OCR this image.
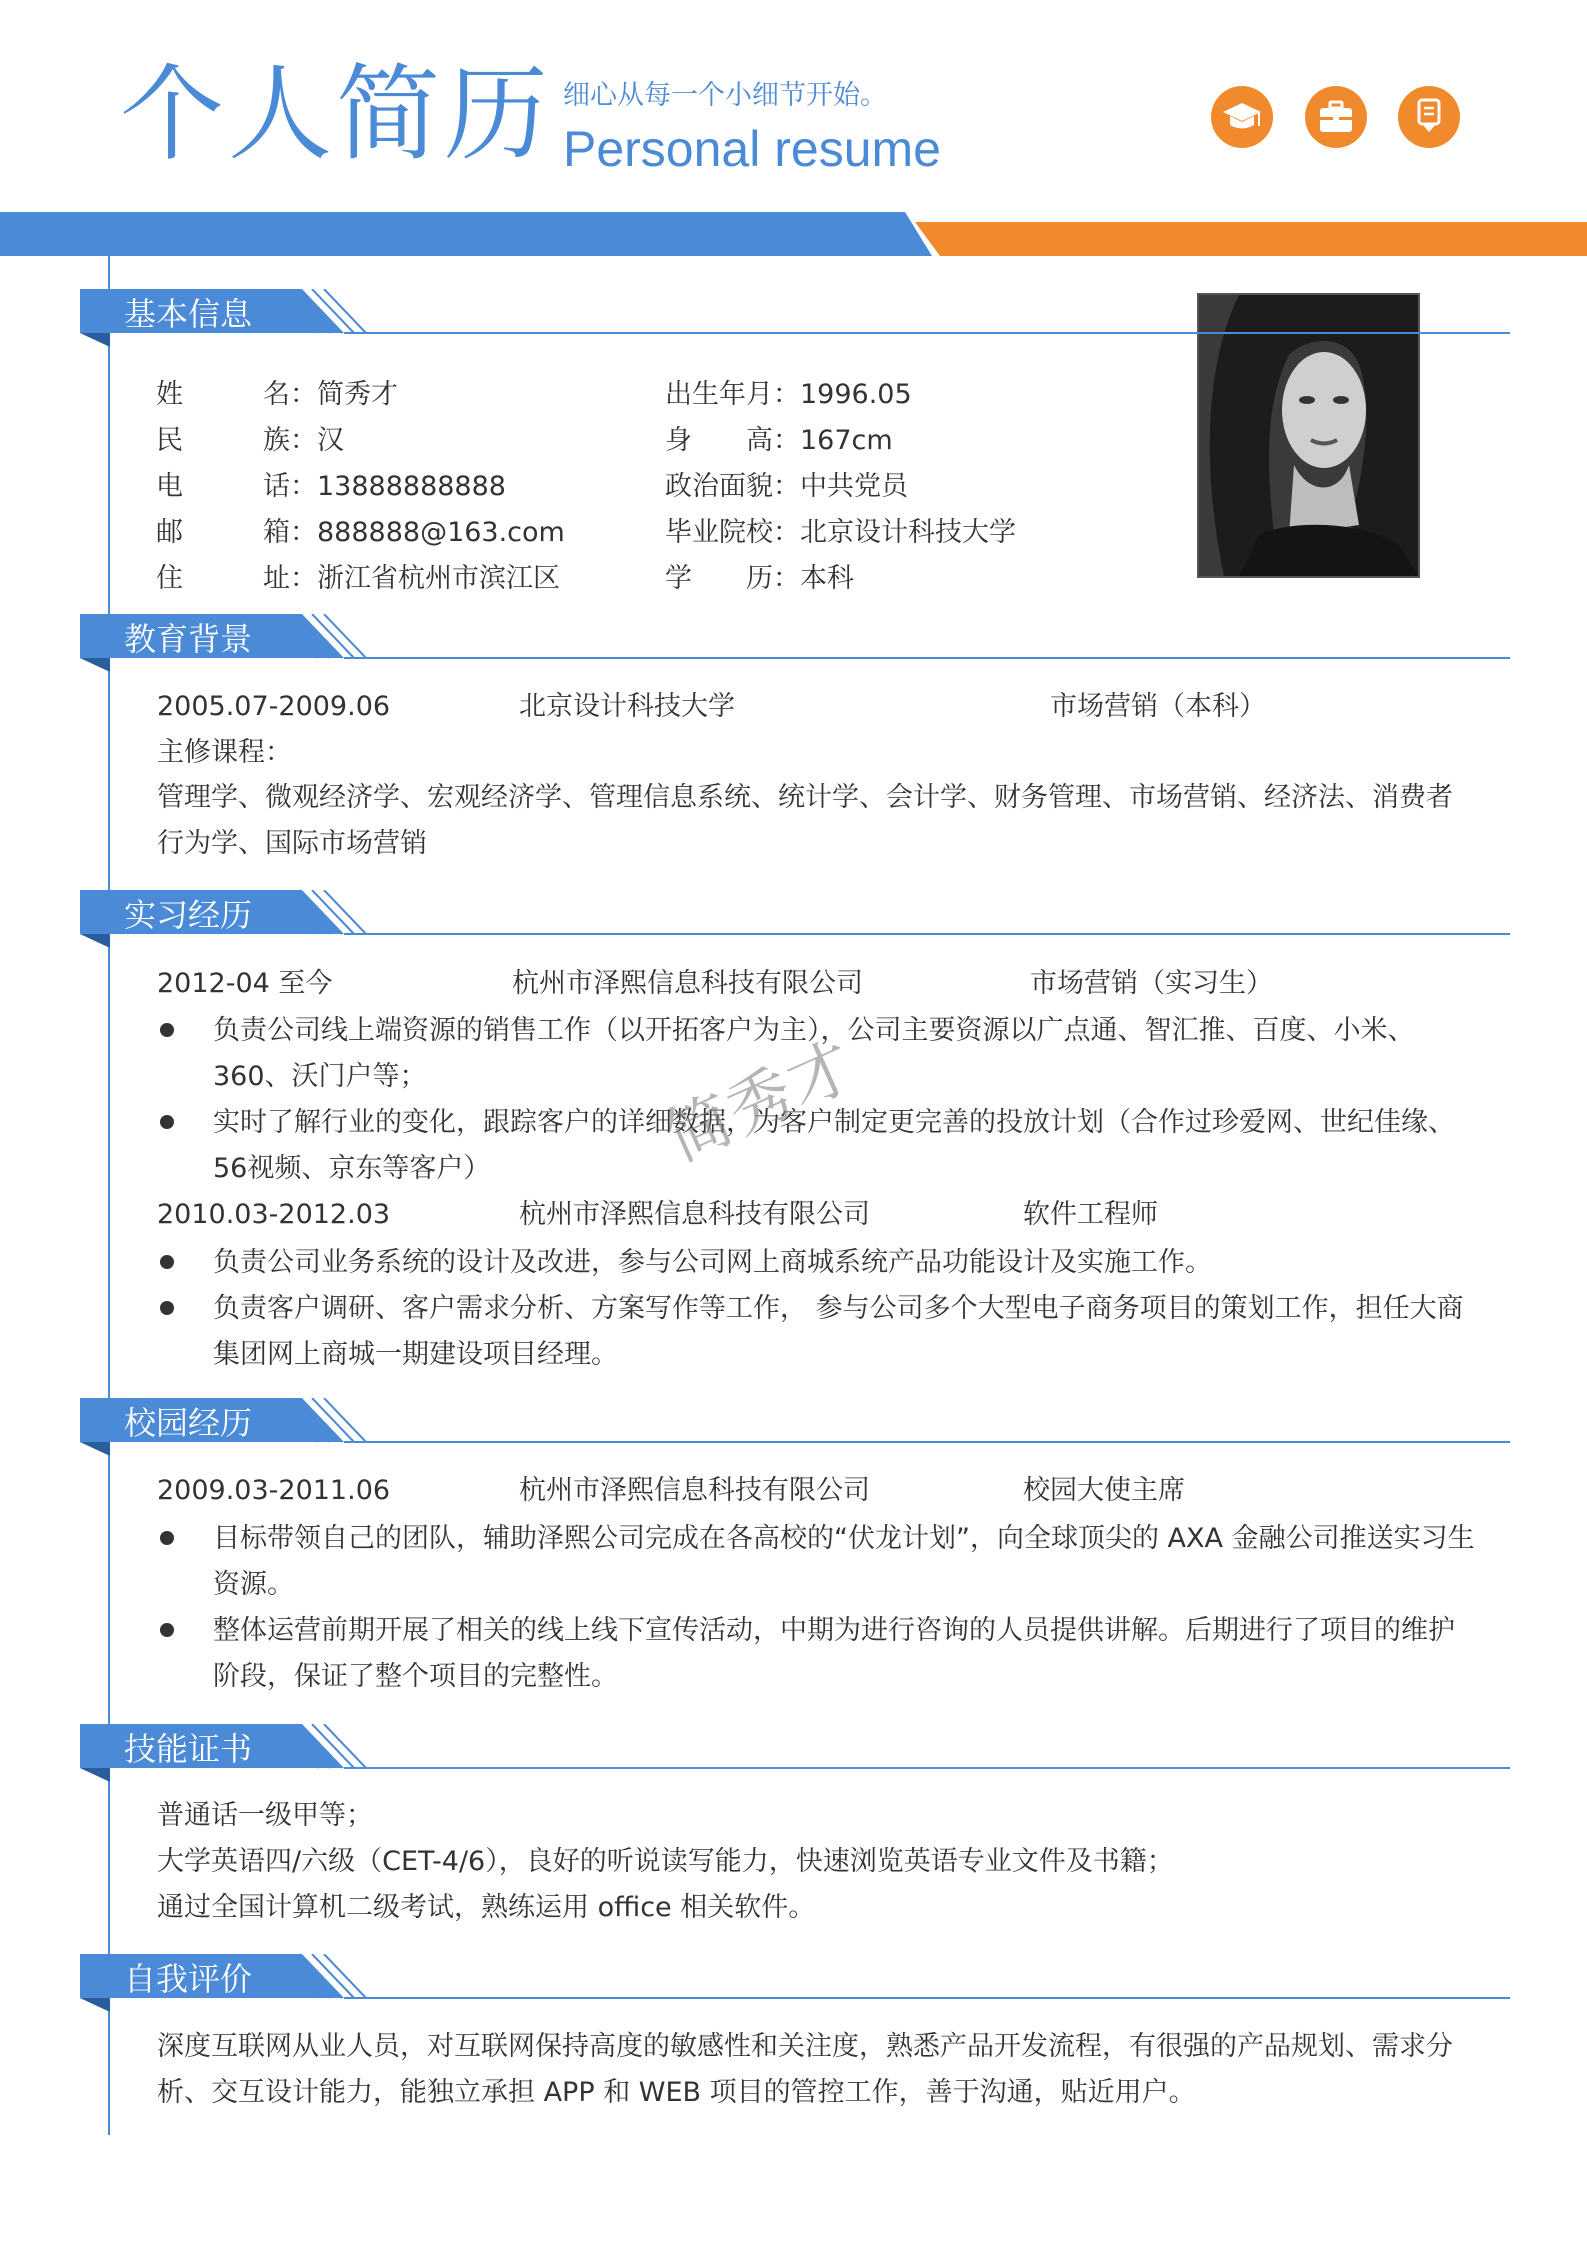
个人简历 细心从每一个小细节开始。
Personal resume
基本信息
姓名：简秀才	出生年月：1996.05
民族：汉	身高：167cm
电话：13888888888	政治面貌：中共党员
邮箱：888888@163.com	毕业院校：北京设计科技大学
住址：浙江省杭州市滨江区	学历：本科
教育背景
2005.07-2009.06	北京设计科技大学	市场营销（本科）
主修课程：
管理学、微观经济学、宏观经济学、管理信息系统、统计学、会计学、财务管理、市场营销、经济法、消费者行为学、国际市场营销
实习经历
2012-04 至今	杭州市泽熙信息科技有限公司	市场营销（实习生）
负责公司线上端资源的销售工作（以开拓客户为主），公司主要资源以广点通、智汇推、百度、小米、360、沃门户等；
实时了解行业的变化，跟踪客户的详细数据，为客户制定更完善的投放计划（合作过珍爱网、世纪佳缘、56视频、京东等客户）
2010.03-2012.03	杭州市泽熙信息科技有限公司	软件工程师
负责公司业务系统的设计及改进，参与公司网上商城系统产品功能设计及实施工作。
负责客户调研、客户需求分析、方案写作等工作， 参与公司多个大型电子商务项目的策划工作，担任大商集团网上商城一期建设项目经理。
校园经历
2009.03-2011.06	杭州市泽熙信息科技有限公司	校园大使主席
目标带领自己的团队，辅助泽熙公司完成在各高校的“伏龙计划”，向全球顶尖的 AXA 金融公司推送实习生资源。
整体运营前期开展了相关的线上线下宣传活动，中期为进行咨询的人员提供讲解。后期进行了项目的维护阶段，保证了整个项目的完整性。
技能证书
普通话一级甲等；
大学英语四/六级（CET-4/6），良好的听说读写能力，快速浏览英语专业文件及书籍；
通过全国计算机二级考试，熟练运用 office 相关软件。
自我评价
深度互联网从业人员，对互联网保持高度的敏感性和关注度，熟悉产品开发流程，有很强的产品规划、需求分析、交互设计能力，能独立承担 APP 和 WEB 项目的管控工作，善于沟通，贴近用户。
简秀才
